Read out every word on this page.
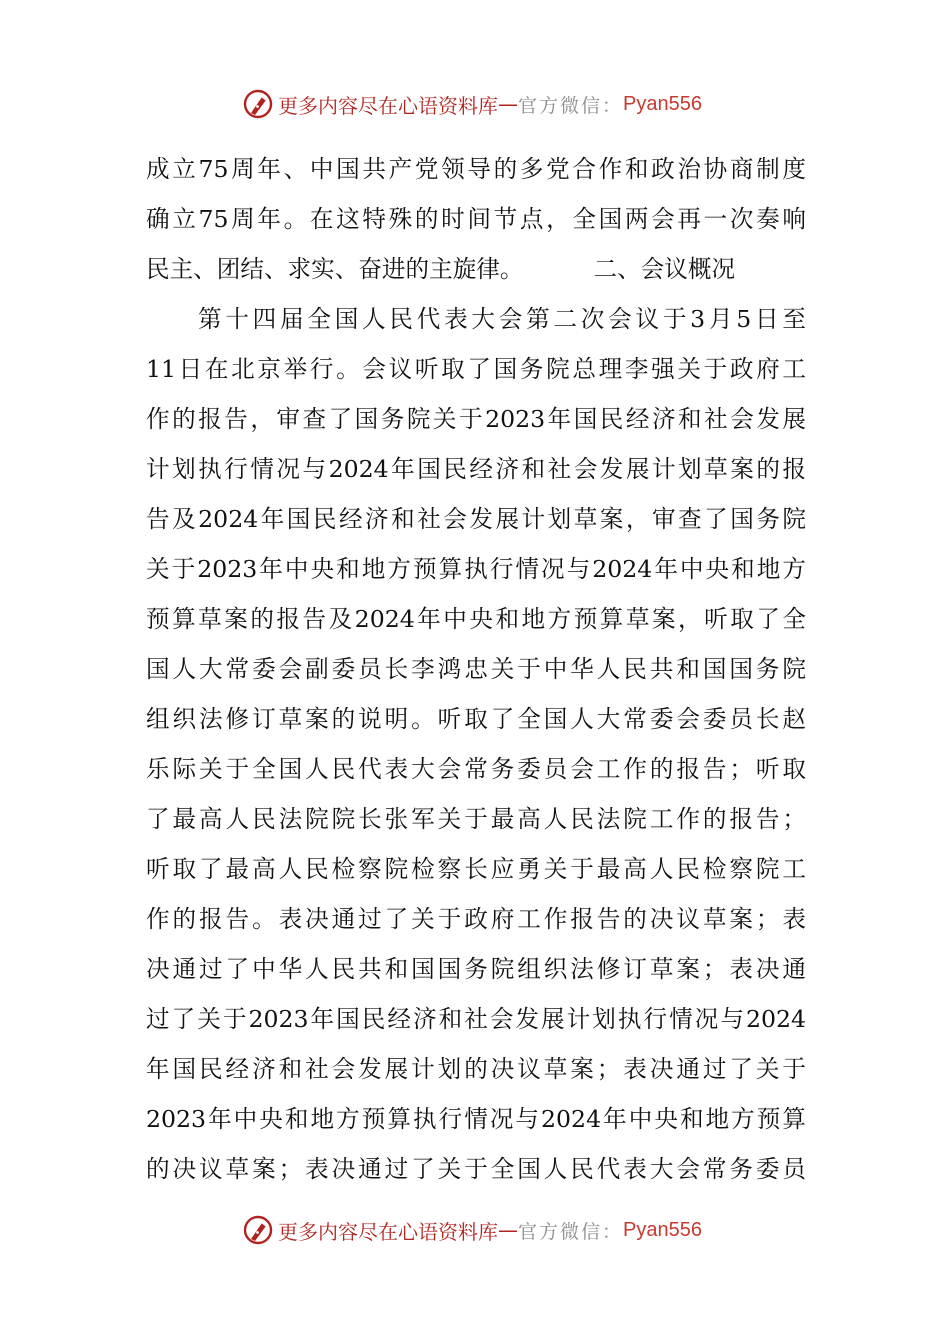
更多内容尽在心语资料库 — 官方微信： Pyan556
成立75周年、中国共产党领导的多党合作和政治协商制度
确立75周年。在这特殊的时间节点，全国两会再一次奏响
民主、团结、求实、奋进的主旋律。	二、会议概况
第十四届全国人民代表大会第二次会议于3月5日至
11日在北京举行。会议听取了国务院总理李强关于政府工
作的报告，审查了国务院关于2023年国民经济和社会发展
计划执行情况与2024年国民经济和社会发展计划草案的报
告及2024年国民经济和社会发展计划草案，审查了国务院
关于2023年中央和地方预算执行情况与2024年中央和地方
预算草案的报告及2024年中央和地方预算草案，听取了全
国人大常委会副委员长李鸿忠关于中华人民共和国国务院
组织法修订草案的说明。听取了全国人大常委会委员长赵
乐际关于全国人民代表大会常务委员会工作的报告；听取
了最高人民法院院长张军关于最高人民法院工作的报告；
听取了最高人民检察院检察长应勇关于最高人民检察院工
作的报告。表决通过了关于政府工作报告的决议草案；表
决通过了中华人民共和国国务院组织法修订草案；表决通
过了关于2023年国民经济和社会发展计划执行情况与2024
年国民经济和社会发展计划的决议草案；表决通过了关于
2023年中央和地方预算执行情况与2024年中央和地方预算
的决议草案；表决通过了关于全国人民代表大会常务委员
更多内容尽在心语资料库 — 官方微信： Pyan556
